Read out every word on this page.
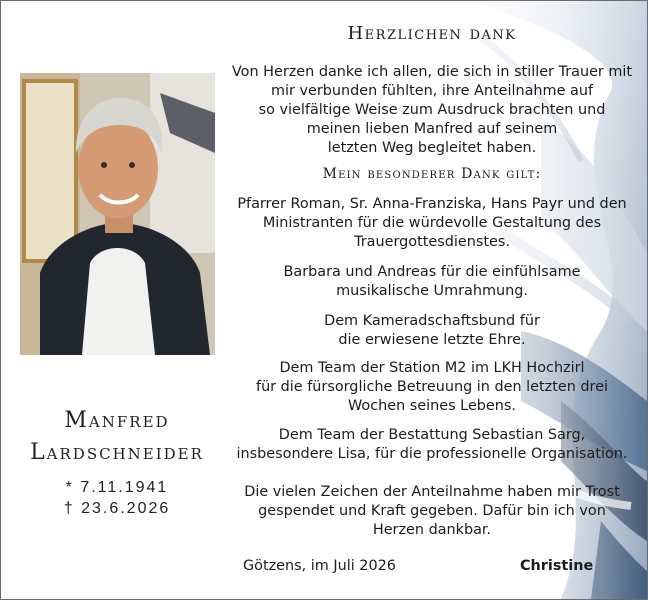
Manfred
Lardschneider
* 7.11.1941
† 23.6.2026
Herzlichen dank
Von Herzen danke ich allen, die sich in stiller Trauer mit
mir verbunden fühlten, ihre Anteilnahme auf
so vielfältige Weise zum Ausdruck brachten und
meinen lieben Manfred auf seinem
letzten Weg begleitet haben.
Mein besonderer Dank gilt:
Pfarrer Roman, Sr. Anna-Franziska, Hans Payr und den
Ministranten für die würdevolle Gestaltung des
Trauergottesdienstes.
Barbara und Andreas für die einfühlsame
musikalische Umrahmung.
Dem Kameradschaftsbund für
die erwiesene letzte Ehre.
Dem Team der Station M2 im LKH Hochzirl
für die fürsorgliche Betreuung in den letzten drei
Wochen seines Lebens.
Dem Team der Bestattung Sebastian Sarg,
insbesondere Lisa, für die professionelle Organisation.
Die vielen Zeichen der Anteilnahme haben mir Trost
gespendet und Kraft gegeben. Dafür bin ich von
Herzen dankbar.
Götzens, im Juli 2026	Christine
